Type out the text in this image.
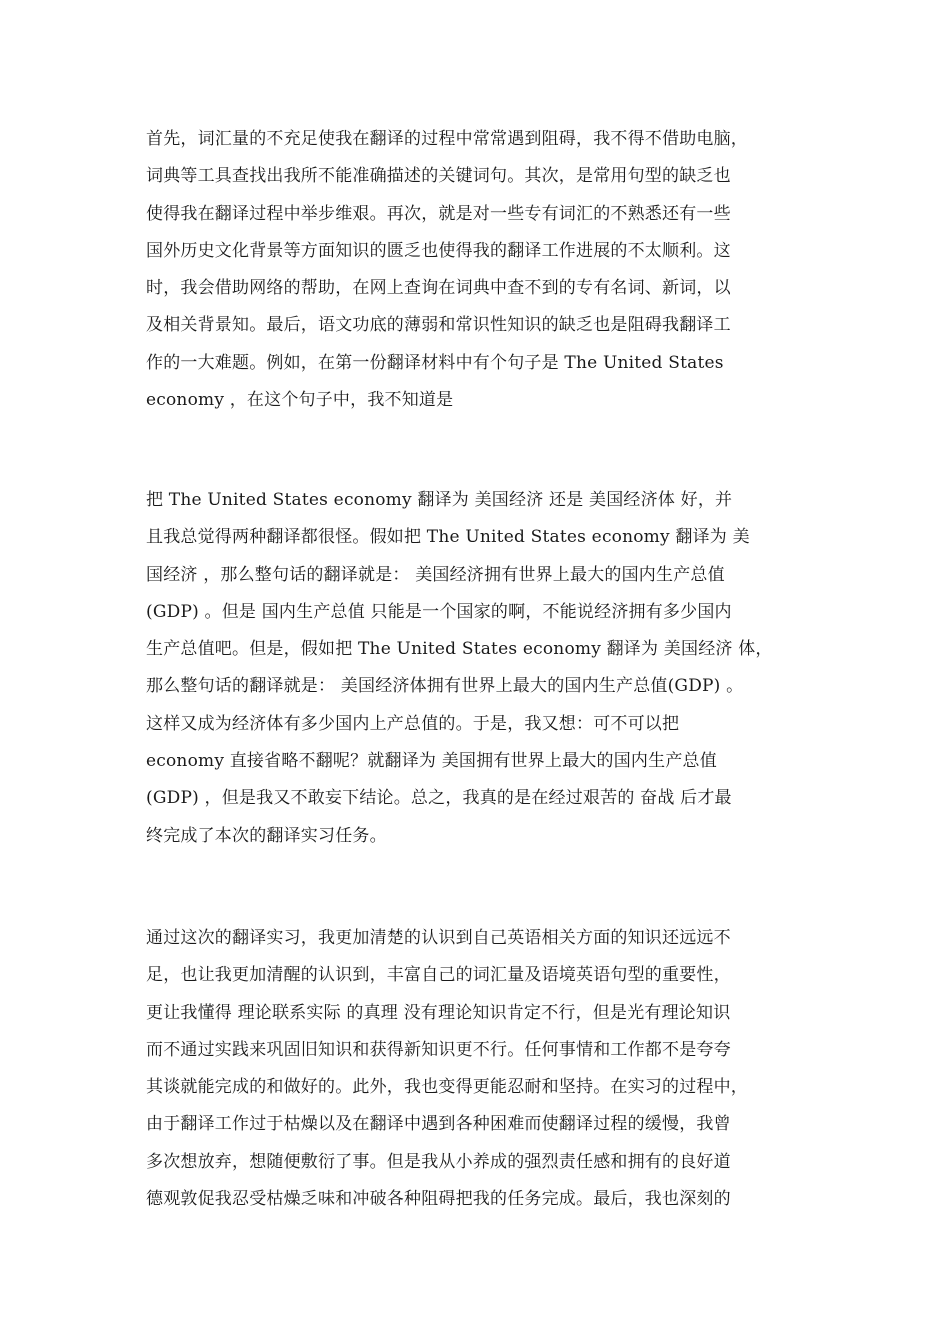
首先，词汇量的不充足使我在翻译的过程中常常遇到阻碍，我不得不借助电脑，
词典等工具查找出我所不能准确描述的关键词句。其次，是常用句型的缺乏也
使得我在翻译过程中举步维艰。再次，就是对一些专有词汇的不熟悉还有一些
国外历史文化背景等方面知识的匮乏也使得我的翻译工作进展的不太顺利。这
时，我会借助网络的帮助，在网上查询在词典中查不到的专有名词、新词，以
及相关背景知。最后，语文功底的薄弱和常识性知识的缺乏也是阻碍我翻译工
作的一大难题。例如，在第一份翻译材料中有个句子是 The United States
economy ，在这个句子中，我不知道是
把 The United States economy 翻译为 美国经济 还是 美国经济体 好，并
且我总觉得两种翻译都很怪。假如把 The United States economy 翻译为 美
国经济 ，那么整句话的翻译就是： 美国经济拥有世界上最大的国内生产总值
(GDP) 。但是 国内生产总值 只能是一个国家的啊，不能说经济拥有多少国内
生产总值吧。但是，假如把 The United States economy 翻译为 美国经济 体，
那么整句话的翻译就是： 美国经济体拥有世界上最大的国内生产总值(GDP) 。
这样又成为经济体有多少国内上产总值的。于是，我又想：可不可以把
economy 直接省略不翻呢？就翻译为 美国拥有世界上最大的国内生产总值
(GDP) ，但是我又不敢妄下结论。总之，我真的是在经过艰苦的 奋战 后才最
终完成了本次的翻译实习任务。
通过这次的翻译实习，我更加清楚的认识到自己英语相关方面的知识还远远不
足，也让我更加清醒的认识到，丰富自己的词汇量及语境英语句型的重要性，
更让我懂得 理论联系实际 的真理 没有理论知识肯定不行，但是光有理论知识
而不通过实践来巩固旧知识和获得新知识更不行。任何事情和工作都不是夸夸
其谈就能完成的和做好的。此外，我也变得更能忍耐和坚持。在实习的过程中，
由于翻译工作过于枯燥以及在翻译中遇到各种困难而使翻译过程的缓慢，我曾
多次想放弃，想随便敷衍了事。但是我从小养成的强烈责任感和拥有的良好道
德观敦促我忍受枯燥乏味和冲破各种阻碍把我的任务完成。最后，我也深刻的
